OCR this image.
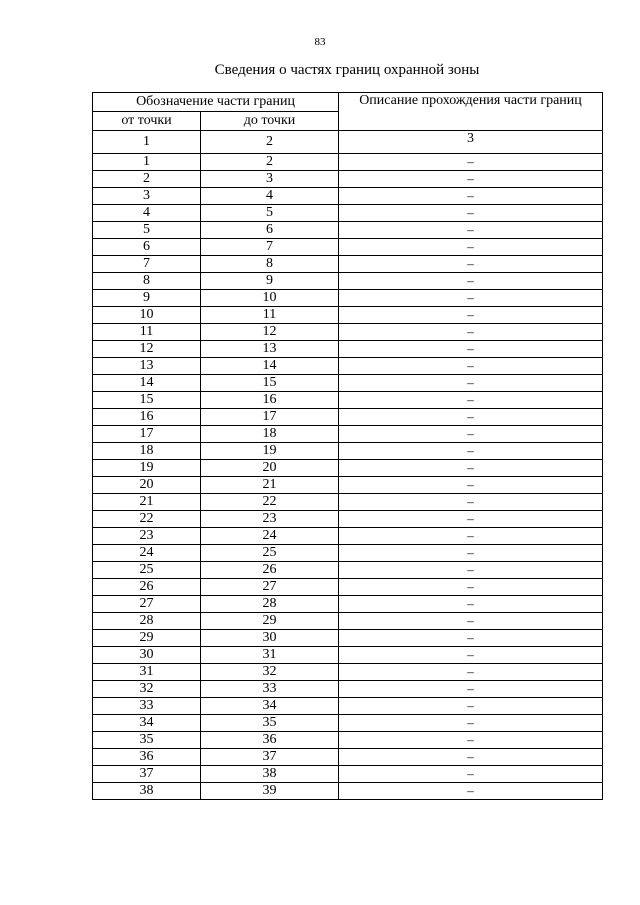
83
Сведения о частях границ охранной зоны
Обозначение части границ		Описание прохождения части границ
от точки	до точки	
1	2	3
1	2	–
2	3	–
3	4	–
4	5	–
5	6	–
6	7	–
7	8	–
8	9	–
9	10	–
10	11	–
11	12	–
12	13	–
13	14	–
14	15	–
15	16	–
16	17	–
17	18	–
18	19	–
19	20	–
20	21	–
21	22	–
22	23	–
23	24	–
24	25	–
25	26	–
26	27	–
27	28	–
28	29	–
29	30	–
30	31	–
31	32	–
32	33	–
33	34	–
34	35	–
35	36	–
36	37	–
37	38	–
38	39	–
